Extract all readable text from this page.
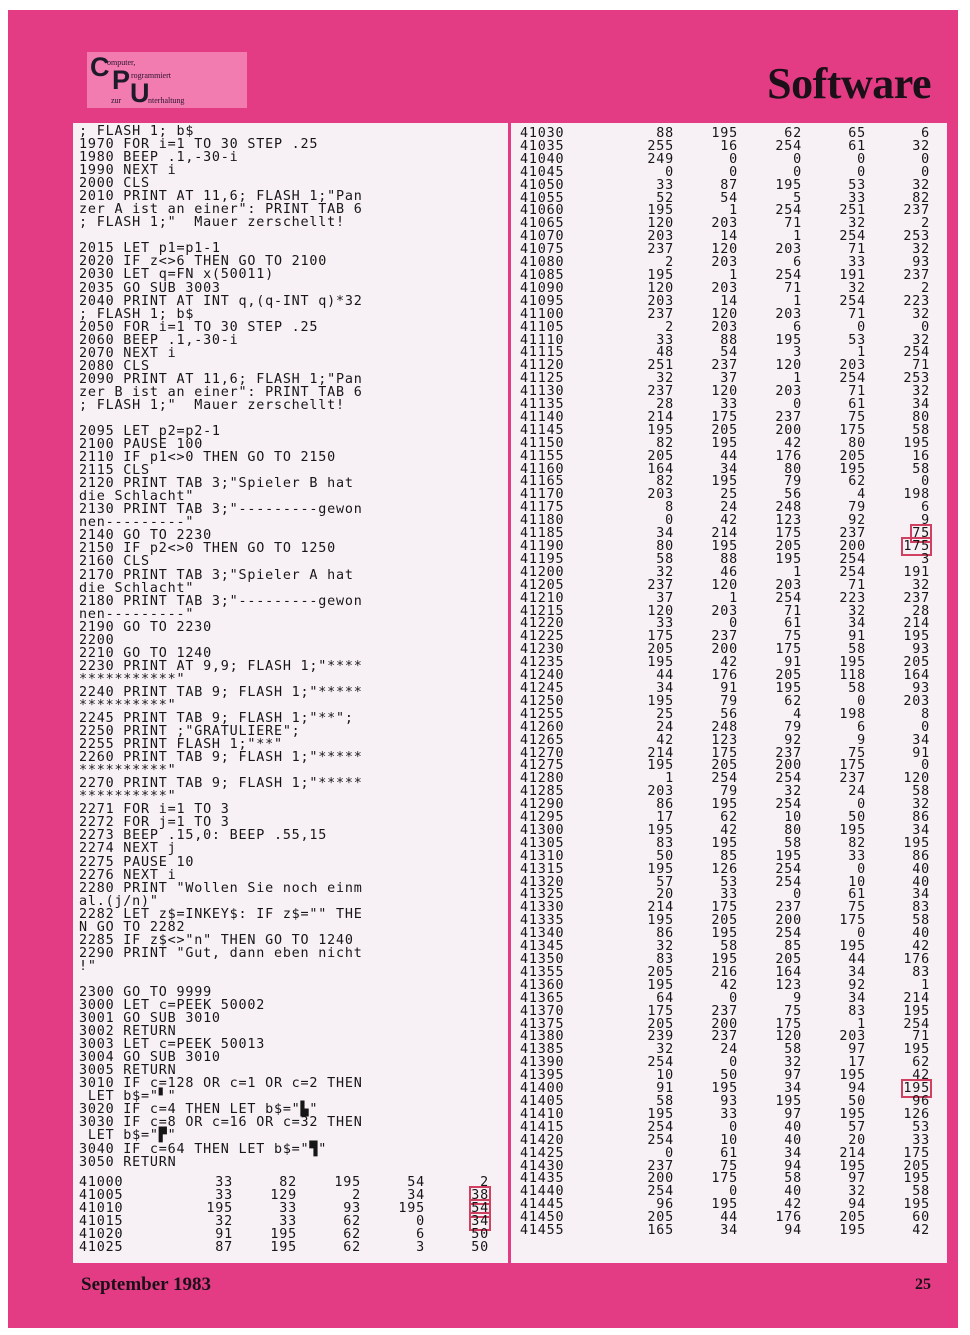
C
omputer,
P rogrammiert
zur U
nterhaltung	Software
; FLASH 1; b$
1970 FOR i=1 TO 30 STEP .25
1980 BEEP .1,-30-i
1990 NEXT i
2000 CLS
2010 PRINT AT 11,6; FLASH 1;"Pan
zer A ist an einer": PRINT TAB 6
; FLASH 1;"  Mauer zerschellt!
2015 LET p1=p1-1
2020 IF z<>6 THEN GO TO 2100
2030 LET q=FN x(50011)
2035 GO SUB 3003
2040 PRINT AT INT q,(q-INT q)*32
; FLASH 1; b$
2050 FOR i=1 TO 30 STEP .25
2060 BEEP .1,-30-i
2070 NEXT i
2080 CLS
2090 PRINT AT 11,6; FLASH 1;"Pan
zer B ist an einer": PRINT TAB 6
; FLASH 1;"  Mauer zerschellt!
2095 LET p2=p2-1
2100 PAUSE 100
2110 IF p1<>0 THEN GO TO 2150
2115 CLS
2120 PRINT TAB 3;"Spieler B hat
die Schlacht"
2130 PRINT TAB 3;"---------gewon
nen---------"
2140 GO TO 2230
2150 IF p2<>0 THEN GO TO 1250
2160 CLS
2170 PRINT TAB 3;"Spieler A hat
die Schlacht"
2180 PRINT TAB 3;"---------gewon
nen---------"
2190 GO TO 2230
2200
2210 GO TO 1240
2230 PRINT AT 9,9; FLASH 1;"****
***********"
2240 PRINT TAB 9; FLASH 1;"*****
**********"
2245 PRINT TAB 9; FLASH 1;"**";
2250 PRINT ;"GRATULIERE";
2255 PRINT FLASH 1;"**"
2260 PRINT TAB 9; FLASH 1;"*****
**********"
2270 PRINT TAB 9; FLASH 1;"*****
**********"
2271 FOR i=1 TO 3
2272 FOR j=1 TO 3
2273 BEEP .15,0: BEEP .55,15
2274 NEXT j
2275 PAUSE 10
2276 NEXT i
2280 PRINT "Wollen Sie noch einm
al.(j/n)"
2282 LET z$=INKEY$: IF z$="" THE
N GO TO 2282
2285 IF z$<>"n" THEN GO TO 1240
2290 PRINT "Gut, dann eben nicht
!"
2300 GO TO 9999
3000 LET c=PEEK 50002
3001 GO SUB 3010
3002 RETURN
3003 LET c=PEEK 50013
3004 GO SUB 3010
3005 RETURN
3010 IF c=128 OR c=1 OR c=2 THEN
LET b$="▘"
3020 IF c=4 THEN LET b$="▙"
3030 IF c=8 OR c=16 OR c=32 THEN
LET b$="▛"
3040 IF c=64 THEN LET b$="▜"
3050 RETURN
41000	33	82	195	54	2
41005	33	129	2	34	38
41010	195	33	93	195	54
41015	32	33	62	0	34
41020	91	195	62	6	50
41025	87	195	62	3	50
41030	88	195	62	65	6
41035	255	16	254	61	32
41040	249	0	0	0	0
41045	0	0	0	0	0
41050	33	87	195	53	32
41055	52	54	5	33	82
41060	195	1	254	251	237
41065	120	203	71	32	2
41070	203	14	1	254	253
41075	237	120	203	71	32
41080	2	203	6	33	93
41085	195	1	254	191	237
41090	120	203	71	32	2
41095	203	14	1	254	223
41100	237	120	203	71	32
41105	2	203	6	0	0
41110	33	88	195	53	32
41115	48	54	3	1	254
41120	251	237	120	203	71
41125	32	37	1	254	253
41130	237	120	203	71	32
41135	28	33	0	61	34
41140	214	175	237	75	80
41145	195	205	200	175	58
41150	82	195	42	80	195
41155	205	44	176	205	16
41160	164	34	80	195	58
41165	82	195	79	62	0
41170	203	25	56	4	198
41175	8	24	248	79	6
41180	0	42	123	92	9
41185	34	214	175	237	75
41190	80	195	205	200	175
41195	58	88	195	254	3
41200	32	46	1	254	191
41205	237	120	203	71	32
41210	37	1	254	223	237
41215	120	203	71	32	28
41220	33	0	61	34	214
41225	175	237	75	91	195
41230	205	200	175	58	93
41235	195	42	91	195	205
41240	44	176	205	118	164
41245	34	91	195	58	93
41250	195	79	62	0	203
41255	25	56	4	198	8
41260	24	248	79	6	0
41265	42	123	92	9	34
41270	214	175	237	75	91
41275	195	205	200	175	0
41280	1	254	254	237	120
41285	203	79	32	24	58
41290	86	195	254	0	32
41295	17	62	10	50	86
41300	195	42	80	195	34
41305	83	195	58	82	195
41310	50	85	195	33	86
41315	195	126	254	0	40
41320	57	53	254	10	40
41325	20	33	0	61	34
41330	214	175	237	75	83
41335	195	205	200	175	58
41340	86	195	254	0	40
41345	32	58	85	195	42
41350	83	195	205	44	176
41355	205	216	164	34	83
41360	195	42	123	92	1
41365	64	0	9	34	214
41370	175	237	75	83	195
41375	205	200	175	1	254
41380	239	237	120	203	71
41385	32	24	58	97	195
41390	254	0	32	17	62
41395	10	50	97	195	42
41400	91	195	34	94	195
41405	58	93	195	50	96
41410	195	33	97	195	126
41415	254	0	40	57	53
41420	254	10	40	20	33
41425	0	61	34	214	175
41430	237	75	94	195	205
41435	200	175	58	97	195
41440	254	0	40	32	58
41445	96	195	42	94	195
41450	205	44	176	205	60
41455	165	34	94	195	42
September 1983	25
